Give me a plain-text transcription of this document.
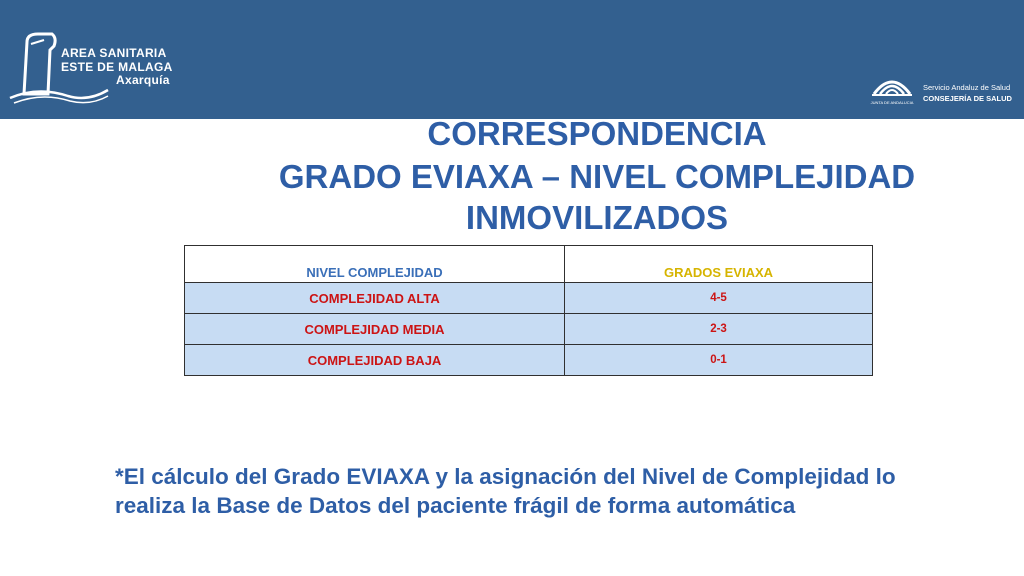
AREA SANITARIA
ESTE DE MALAGA
Axarquía
JUNTA DE ANDALUCIA
Servicio Andaluz de Salud
CONSEJERÍA DE SALUD
CORRESPONDENCIA
GRADO EVIAXA – NIVEL COMPLEJIDAD
INMOVILIZADOS
NIVEL COMPLEJIDAD	GRADOS EVIAXA
COMPLEJIDAD ALTA	4-5
COMPLEJIDAD MEDIA	2-3
COMPLEJIDAD BAJA	0-1

*El cálculo del Grado EVIAXA y la asignación del Nivel de Complejidad lo realiza la Base de Datos del paciente frágil de forma automática
